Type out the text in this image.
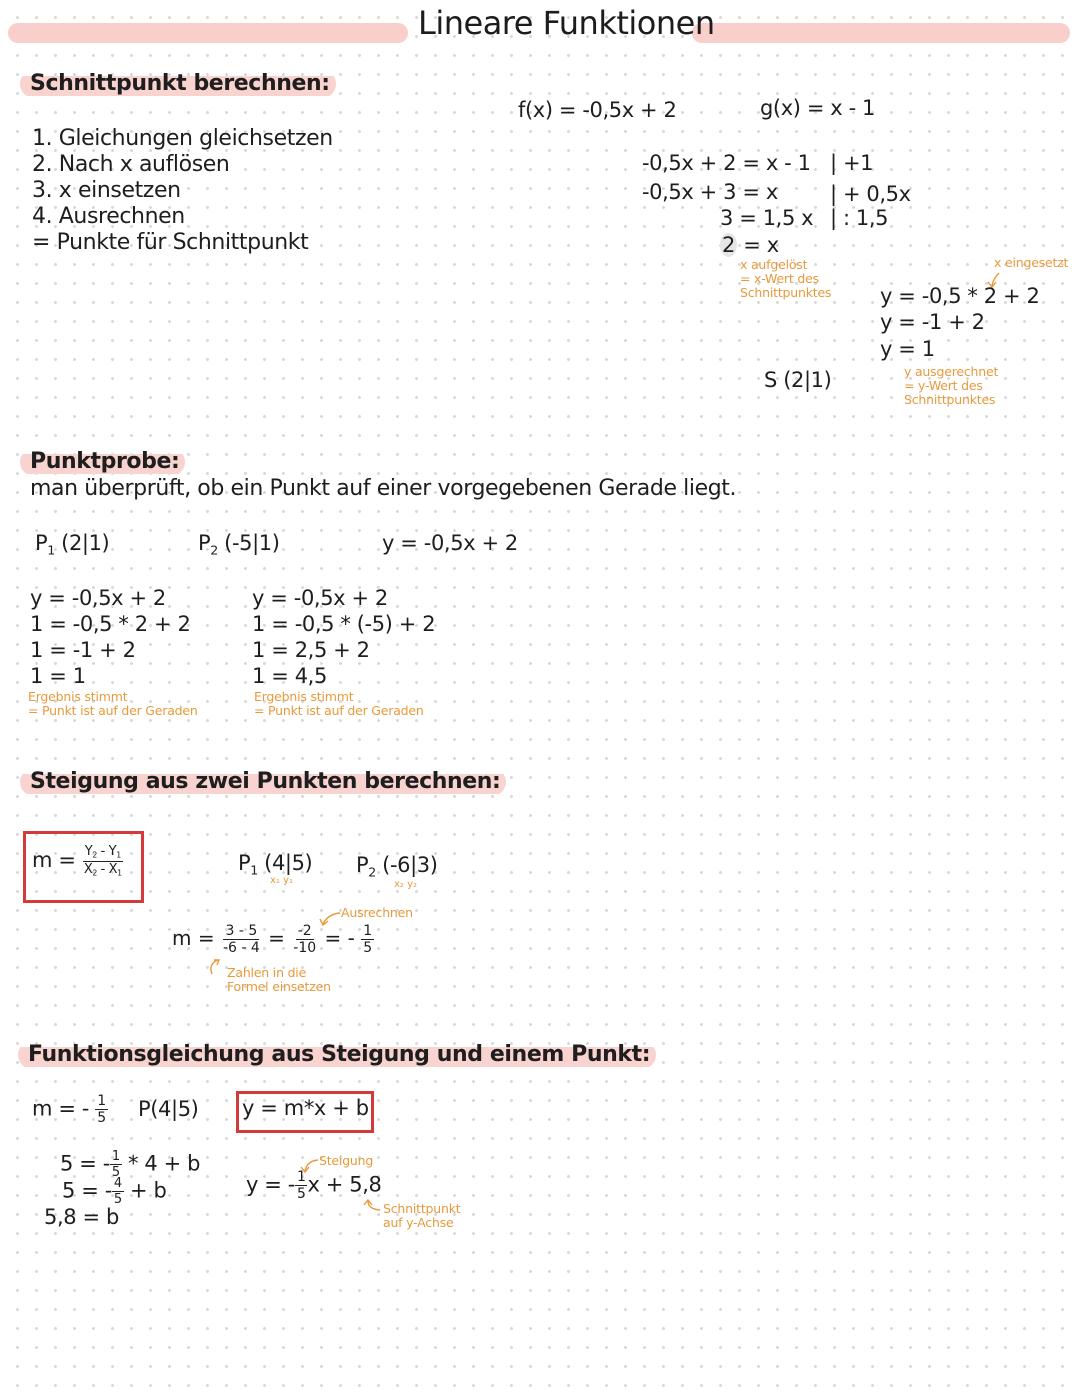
Lineare Funktionen
Schnittpunkt berechnen:
1. Gleichungen gleichsetzen
2. Nach x auflösen
3. x einsetzen
4. Ausrechnen
= Punkte für Schnittpunkt
f(x) = -0,5x + 2	g(x) = x - 1
-0,5x + 2 = x - 1 | +1
-0,5x + 3 = x | + 0,5x
3 = 1,5 x | : 1,5
2 = x
x aufgelöst
= x-Wert des
Schnittpunktes
x eingesetzt
y = -0,5 * 2 + 2
y = -1 + 2
y = 1
y ausgerechnet
= y-Wert des
Schnittpunktes
S (2|1)
Punktprobe:
man überprüft, ob ein Punkt auf einer vorgegebenen Gerade liegt.
$P_1$ (2|1)	$P_2$ (-5|1)	y = -0,5x + 2
y = -0,5x + 2
1 = -0,5 * 2 + 2
1 = -1 + 2
1 = 1
Ergebnis stimmt
= Punkt ist auf der Geraden
y = -0,5x + 2
1 = -0,5 * (-5) + 2
1 = 2,5 + 2
1 = 4,5
Ergebnis stimmt
= Punkt ist auf der Geraden
Steigung aus zwei Punkten berechnen:
$m = \frac{Y_2 - Y_1}{X_2 - X_1}$	$P_1$ (4|5)
x₁ y₁
$P_2$ (-6|3)
x₂ y₂
Ausrechnen
$m = \frac{3 - 5}{-6 - 4} = \frac{-2}{-10}$ = - $\frac{1}{5}$
Zahlen in die
Formel einsetzen
Funktionsgleichung aus Steigung und einem Punkt:
m = - $\frac{1}{5} P(4|5) y = m*x + b$
5 = - $\frac{1}{5} * 4 + b$
5 = - $\frac{4}{5} + b$
5,8 = b
Steigung
y = - $\frac{1}{5}$ x + 5,8
Schnittpunkt
auf y-Achse
